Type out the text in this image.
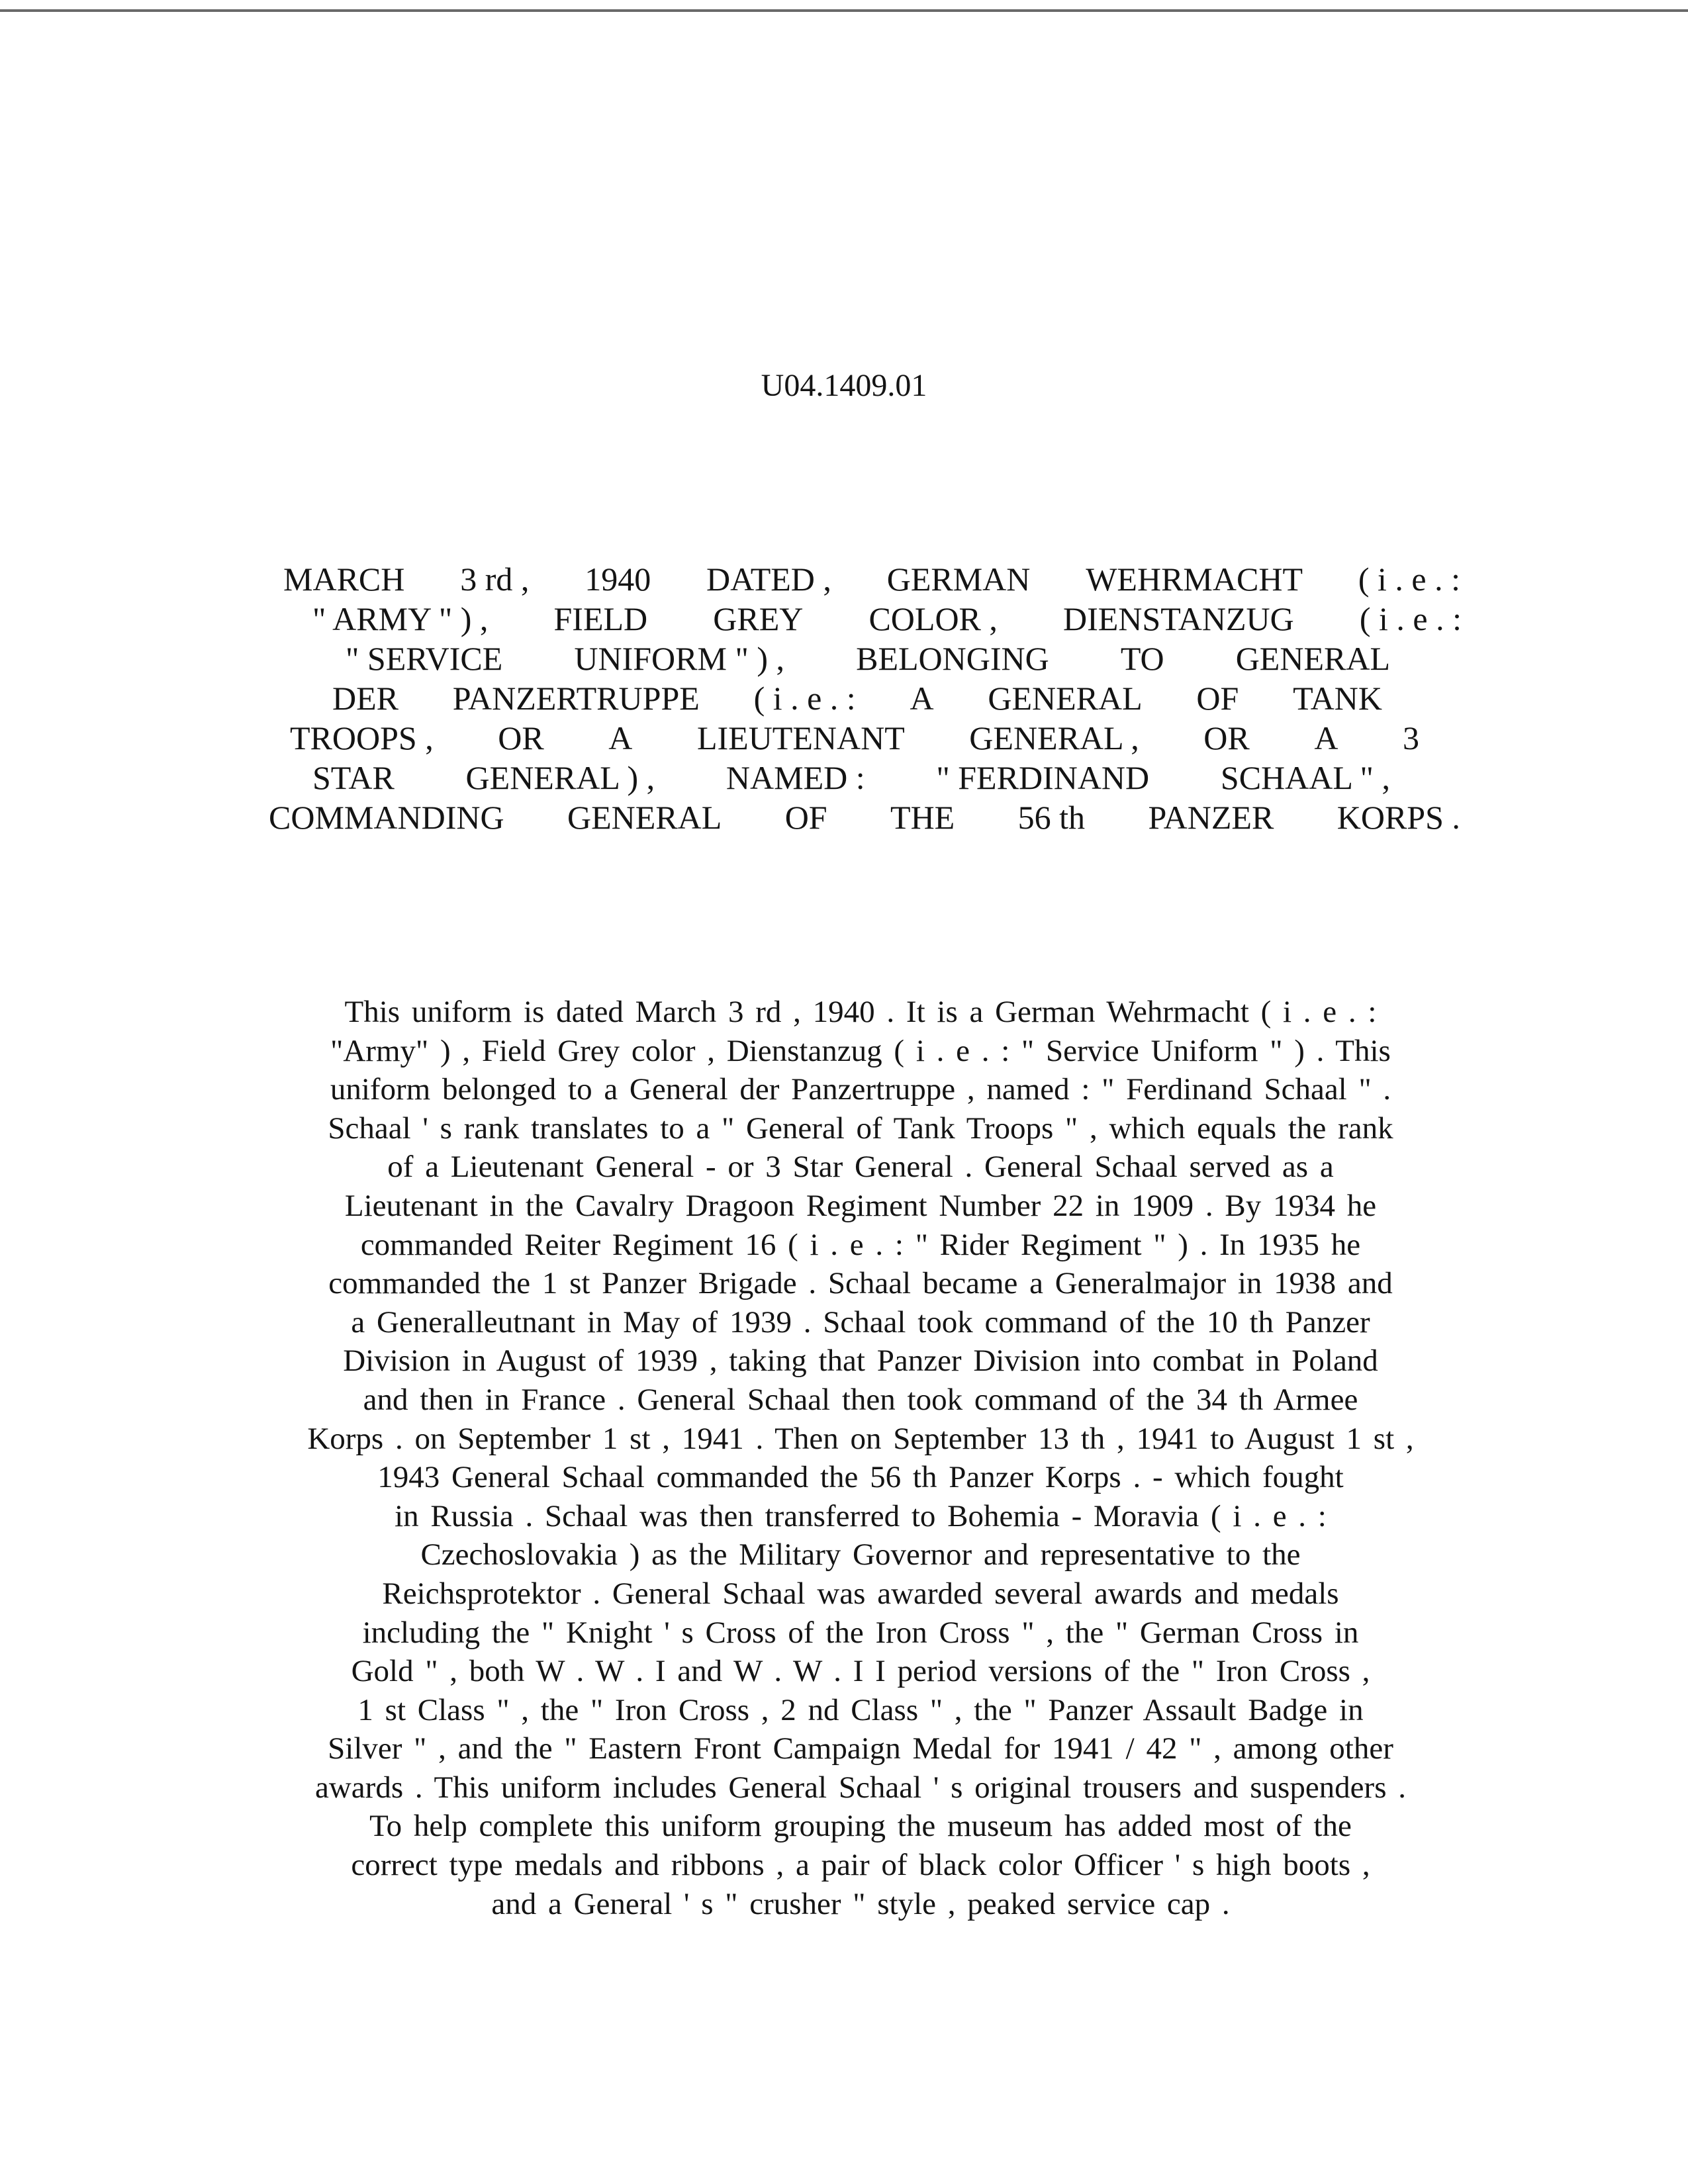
U04.1409.01
MARCH 3 rd , 1940 DATED , GERMAN WEHRMACHT ( i . e . :
" ARMY " ) , FIELD GREY COLOR , DIENSTANZUG ( i . e . :
" SERVICE UNIFORM " ) , BELONGING TO GENERAL
DER PANZERTRUPPE ( i . e . : A GENERAL OF TANK
TROOPS , OR A LIEUTENANT GENERAL , OR A 3
STAR GENERAL ) , NAMED : " FERDINAND SCHAAL " ,
COMMANDING GENERAL OF THE 56 th PANZER KORPS .
This uniform is dated March 3 rd , 1940 . It is a German Wehrmacht ( i . e . :
"Army" ) , Field Grey color , Dienstanzug ( i . e . : " Service Uniform " ) . This
uniform belonged to a General der Panzertruppe , named : " Ferdinand Schaal " .
Schaal ' s rank translates to a " General of Tank Troops " , which equals the rank
of a Lieutenant General - or 3 Star General . General Schaal served as a
Lieutenant in the Cavalry Dragoon Regiment Number 22 in 1909 . By 1934 he
commanded Reiter Regiment 16 ( i . e . : " Rider Regiment " ) . In 1935 he
commanded the 1 st Panzer Brigade . Schaal became a Generalmajor in 1938 and
a Generalleutnant in May of 1939 . Schaal took command of the 10 th Panzer
Division in August of 1939 , taking that Panzer Division into combat in Poland
and then in France . General Schaal then took command of the 34 th Armee
Korps . on September 1 st , 1941 . Then on September 13 th , 1941 to August 1 st ,
1943 General Schaal commanded the 56 th Panzer Korps . - which fought
in Russia . Schaal was then transferred to Bohemia - Moravia ( i . e . :
Czechoslovakia ) as the Military Governor and representative to the
Reichsprotektor . General Schaal was awarded several awards and medals
including the " Knight ' s Cross of the Iron Cross " , the " German Cross in
Gold " , both W . W . I and W . W . I I period versions of the " Iron Cross ,
1 st Class " , the " Iron Cross , 2 nd Class " , the " Panzer Assault Badge in
Silver " , and the " Eastern Front Campaign Medal for 1941 / 42 " , among other
awards . This uniform includes General Schaal ' s original trousers and suspenders .
To help complete this uniform grouping the museum has added most of the
correct type medals and ribbons , a pair of black color Officer ' s high boots ,
and a General ' s " crusher " style , peaked service cap .
